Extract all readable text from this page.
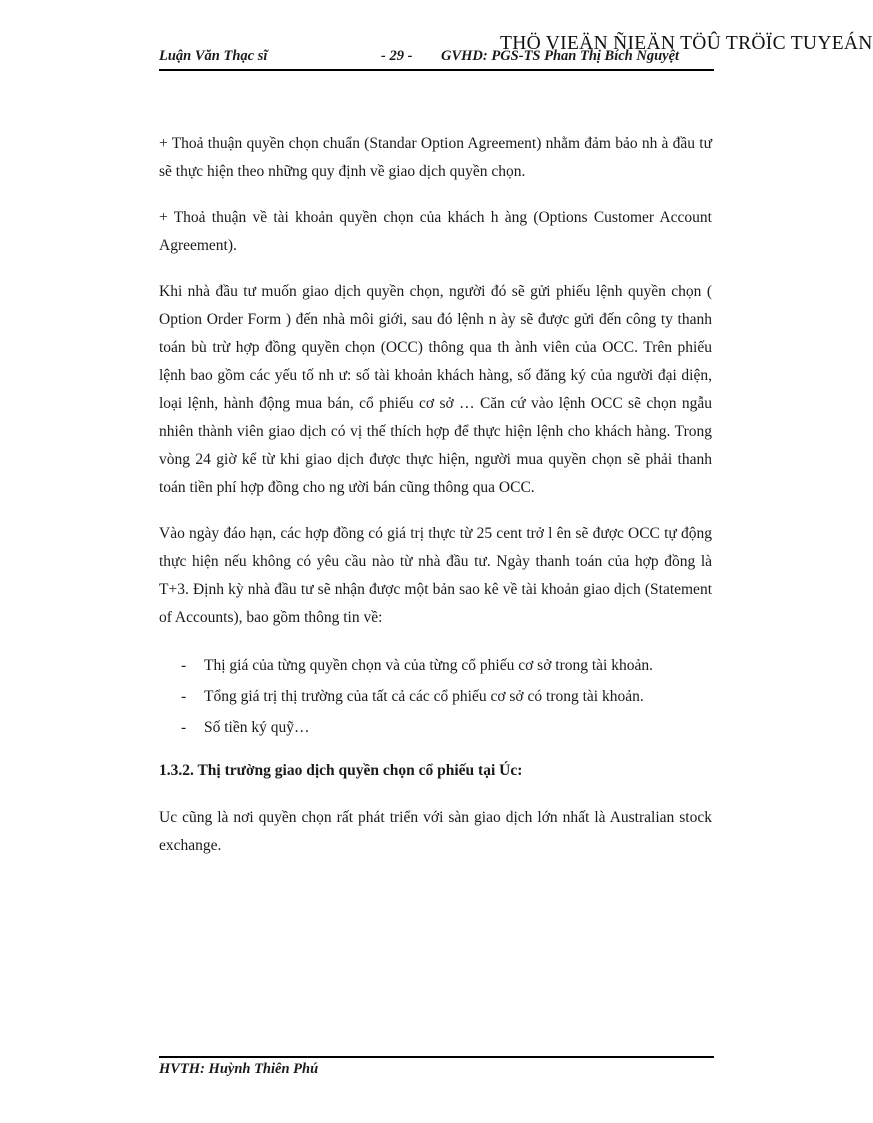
THÖ VIEÄN ÑIEÄN TÖÛ TRÖÏC TUYEÁN
Luận Văn Thạc sĩ	- 29 - GVHD: PGS-TS Phan Thị Bích Nguyệt

+ Thoả thuận quyền chọn chuẩn (Standar Option Agreement) nhằm đảm bảo nh à đầu tư sẽ thực hiện theo những quy định về giao dịch quyền chọn.

+ Thoả thuận về tài khoản quyền chọn của khách h àng (Options Customer Account Agreement).

Khi nhà đầu tư muốn giao dịch quyền chọn, người đó sẽ gửi phiếu lệnh quyền chọn ( Option Order Form ) đến nhà môi giới, sau đó lệnh n ày sẽ được gửi đến công ty thanh toán bù trừ hợp đồng quyền chọn (OCC) thông qua th ành viên của OCC. Trên phiếu lệnh bao gồm các yếu tố nh ư: số tài khoản khách hàng, số đăng ký của người đại diện, loại lệnh, hành động mua bán, cổ phiếu cơ sở … Căn cứ vào lệnh OCC sẽ chọn ngẫu nhiên thành viên giao dịch có vị thế thích hợp để thực hiện lệnh cho khách hàng. Trong vòng 24 giờ kể từ khi giao dịch được thực hiện, người mua quyền chọn sẽ phải thanh toán tiền phí hợp đồng cho ng ười bán cũng thông qua OCC.

Vào ngày đáo hạn, các hợp đồng có giá trị thực từ 25 cent trở l ên sẽ được OCC tự động thực hiện nếu không có yêu cầu nào từ nhà đầu tư. Ngày thanh toán của hợp đồng là T+3. Định kỳ nhà đầu tư sẽ nhận được một bản sao kê về tài khoản giao dịch (Statement of Accounts), bao gồm thông tin về:

- Thị giá của từng quyền chọn và của từng cổ phiếu cơ sở trong tài khoản.
- Tổng giá trị thị trường của tất cả các cổ phiếu cơ sở có trong tài khoản.
- Số tiền ký quỹ…
1.3.2. Thị trường giao dịch quyền chọn cổ phiếu tại Úc:

Uc cũng là nơi quyền chọn rất phát triển với sàn giao dịch lớn nhất là Australian stock exchange.

HVTH: Huỳnh Thiên Phú
